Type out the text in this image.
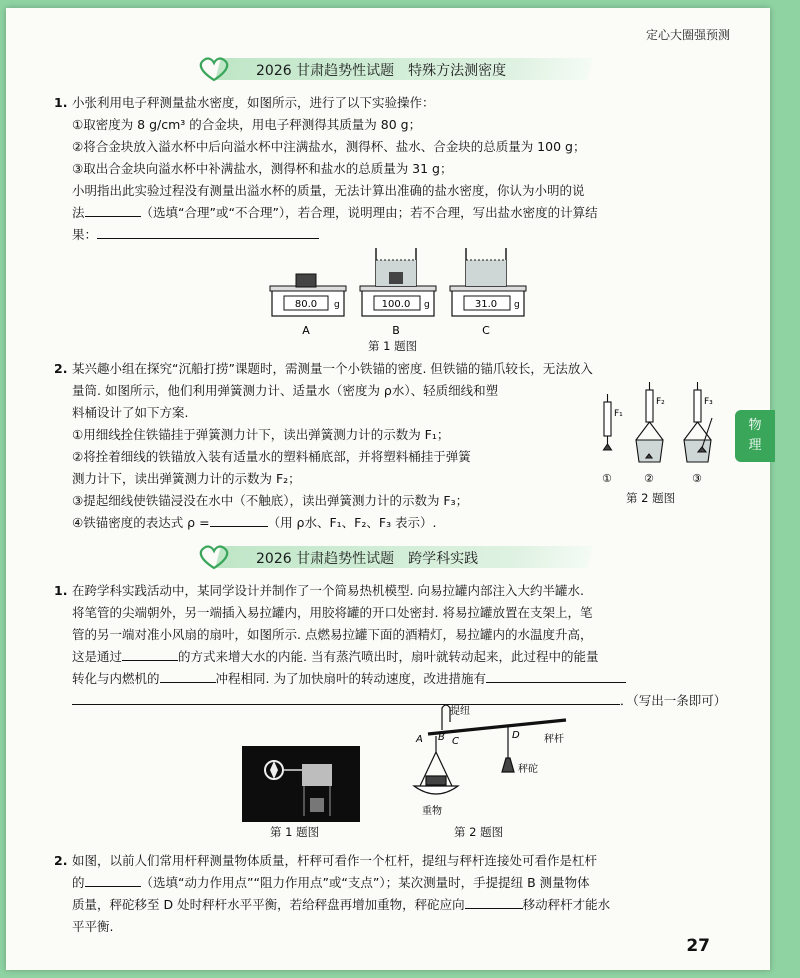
定心大圈强预测
2026 甘肃趋势性试题　特殊方法测密度

1. 小张利用电子秤测量盐水密度，如图所示，进行了以下实验操作：

①取密度为 8 g/cm³ 的合金块，用电子秤测得其质量为 80 g；

②将合金块放入溢水杯中后向溢水杯中注满盐水，测得杯、盐水、合金块的总质量为 100 g；

③取出合金块向溢水杯中补满盐水，测得杯和盐水的总质量为 31 g；

小明指出此实验过程没有测量出溢水杯的质量，无法计算出准确的盐水密度，你认为小明的说

法	（选填“合理”或“不合理”），若合理，说明理由；若不合理，写出盐水密度的计算结

果：

80.0 g
A
100.0 g
B
31.0 g
C
第 1 题图

2. 某兴趣小组在探究“沉船打捞”课题时，需测量一个小铁锚的密度. 但铁锚的锚爪较长，无法放入

量筒. 如图所示，他们利用弹簧测力计、适量水（密度为 ρ水）、轻质细线和塑

料桶设计了如下方案.

①用细线拴住铁锚挂于弹簧测力计下，读出弹簧测力计的示数为 F₁；

②将拴着细线的铁锚放入装有适量水的塑料桶底部，并将塑料桶挂于弹簧

测力计下，读出弹簧测力计的示数为 F₂；

③提起细线使铁锚浸没在水中（不触底），读出弹簧测力计的示数为 F₃；

④铁锚密度的表达式 ρ =	（用 ρ水、F₁、F₂、F₃ 表示）.

F₁
F₂	F₃
①	②	③
第 2 题图
2026 甘肃趋势性试题　跨学科实践

1. 在跨学科实践活动中，某同学设计并制作了一个简易热机模型. 向易拉罐内部注入大约半罐水.

将笔管的尖端朝外，另一端插入易拉罐内，用胶将罐的开口处密封. 将易拉罐放置在支架上，笔

管的另一端对准小风扇的扇叶，如图所示. 点燃易拉罐下面的酒精灯，易拉罐内的水温度升高，

这是通过	的方式来增大水的内能. 当有蒸汽喷出时，扇叶就转动起来，此过程中的能量

转化与内燃机的	冲程相同. 为了加快扇叶的转动速度，改进措施有

．（写出一条即可）

第 1 题图
提纽
秤杆
秤砣
重物
A B C
D
第 2 题图

2. 如图，以前人们常用杆秤测量物体质量，杆秤可看作一个杠杆，提纽与秤杆连接处可看作是杠杆

的	（选填“动力作用点”“阻力作用点”或“支点”）；某次测量时，手提提纽 B 测量物体

质量，秤砣移至 D 处时秤杆水平平衡，若给秤盘再增加重物，秤砣应向	移动秤杆才能水

平平衡.

27
物
理
